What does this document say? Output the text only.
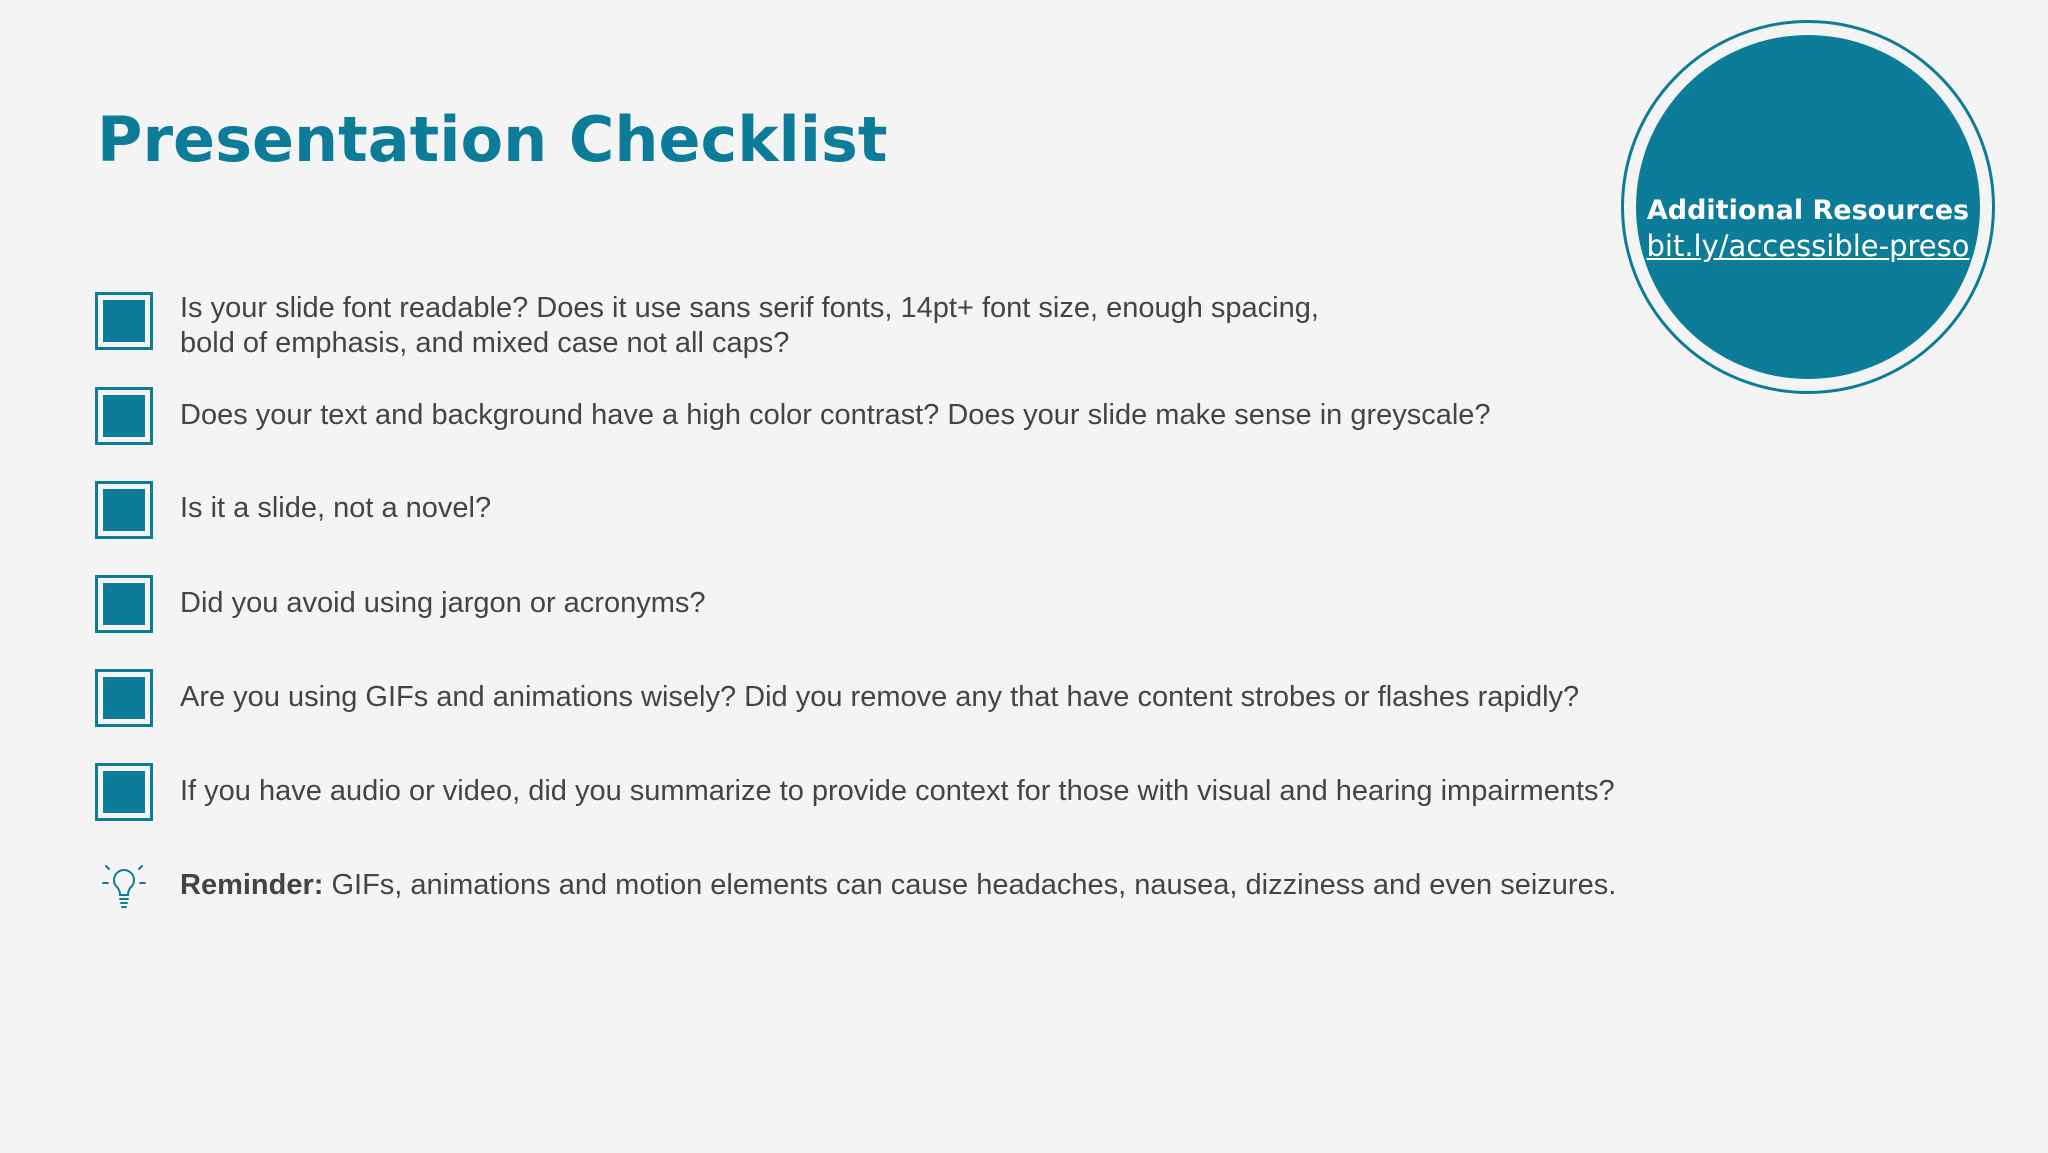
Presentation Checklist
Additional Resources
bit.ly/accessible-preso

Is your slide font readable? Does it use sans serif fonts, 14pt+ font size, enough spacing,

bold of emphasis, and mixed case not all caps?

Does your text and background have a high color contrast? Does your slide make sense in greyscale?

Is it a slide, not a novel?

Did you avoid using jargon or acronyms?

Are you using GIFs and animations wisely? Did you remove any that have content strobes or flashes rapidly?

If you have audio or video, did you summarize to provide context for those with visual and hearing impairments?

Reminder: GIFs, animations and motion elements can cause headaches, nausea, dizziness and even seizures.
